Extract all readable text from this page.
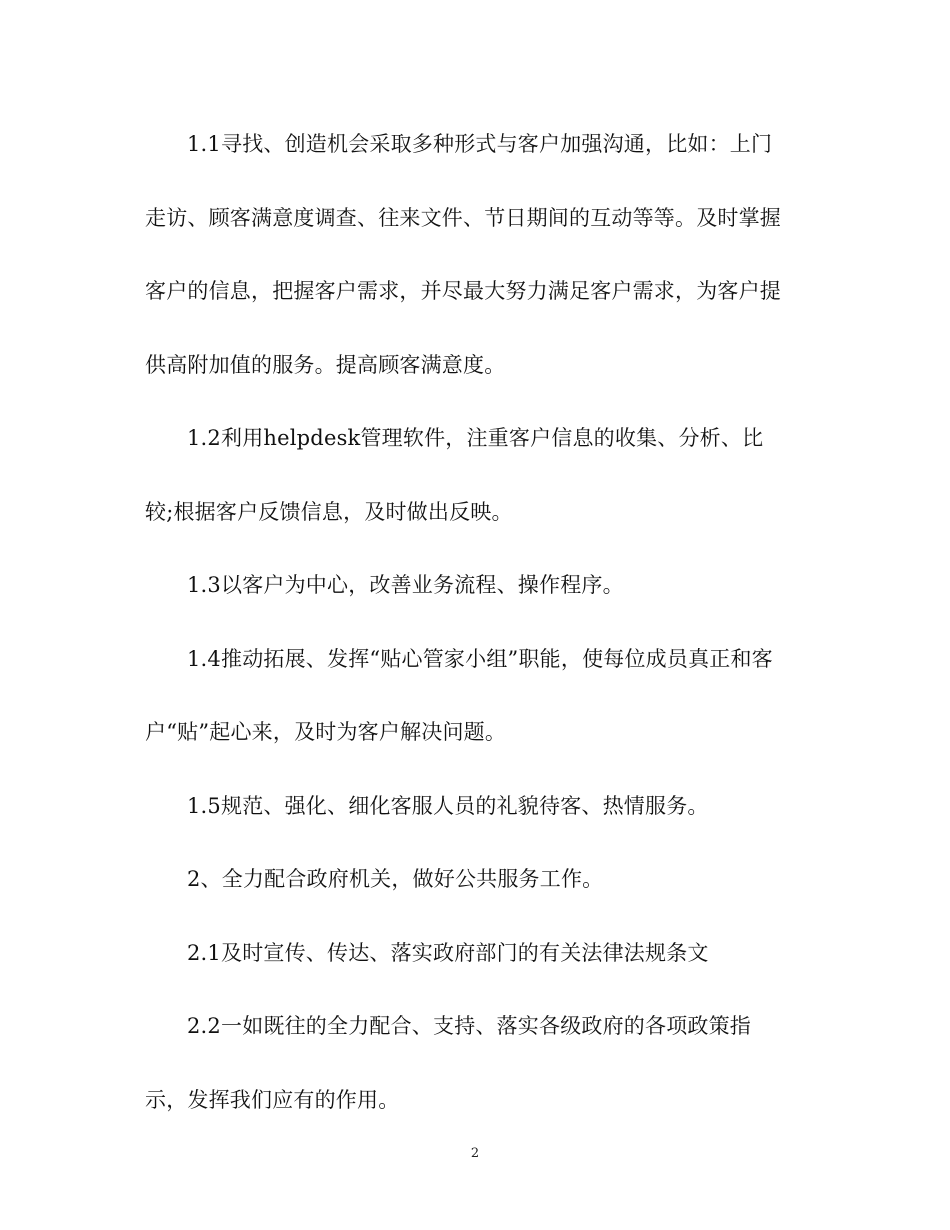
1.1寻找、创造机会采取多种形式与客户加强沟通，比如：上门
走访、顾客满意度调查、往来文件、节日期间的互动等等。及时掌握
客户的信息，把握客户需求，并尽最大努力满足客户需求，为客户提
供高附加值的服务。提高顾客满意度。
1.2利用helpdesk管理软件，注重客户信息的收集、分析、比
较;根据客户反馈信息，及时做出反映。
1.3以客户为中心，改善业务流程、操作程序。
1.4推动拓展、发挥“贴心管家小组”职能，使每位成员真正和客
户“贴”起心来，及时为客户解决问题。
1.5规范、强化、细化客服人员的礼貌待客、热情服务。
2、全力配合政府机关，做好公共服务工作。
2.1及时宣传、传达、落实政府部门的有关法律法规条文
2.2一如既往的全力配合、支持、落实各级政府的各项政策指
示，发挥我们应有的作用。
2
